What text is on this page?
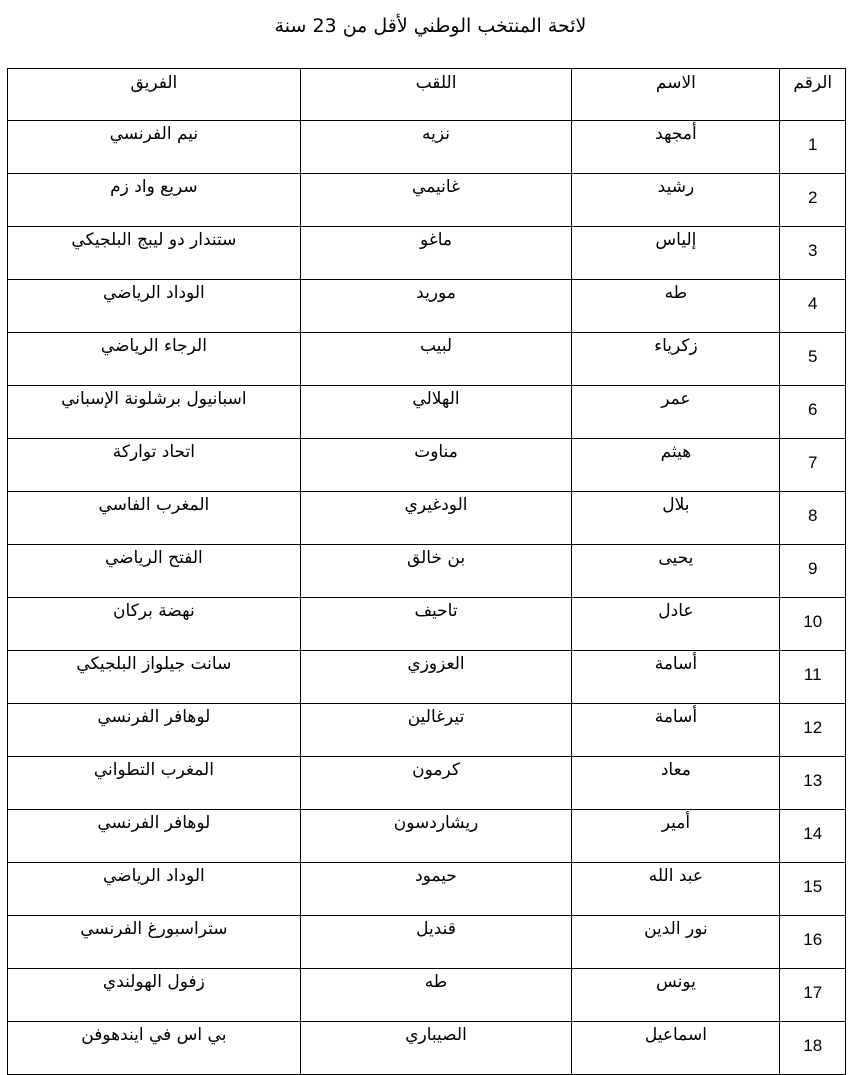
لائحة المنتخب الوطني لأقل من 23 سنة
الرقم	الاسم	اللقب	الفريق
1	أمجهد	نزيه	نيم الفرنسي
2	رشيد	غانيمي	سريع واد زم
3	إلياس	ماغو	ستندار دو ليبج البلجيكي
4	طه	موريد	الوداد الرياضي
5	زكرياء	لبيب	الرجاء الرياضي
6	عمر	الهلالي	اسبانيول برشلونة الإسباني
7	هيثم	مناوت	اتحاد تواركة
8	بلال	الودغيري	المغرب الفاسي
9	يحيى	بن خالق	الفتح الرياضي
10	عادل	تاحيف	نهضة بركان
11	أسامة	العزوزي	سانت جيلواز البلجيكي
12	أسامة	تيرغالين	لوهافر الفرنسي
13	معاد	كرمون	المغرب التطواني
14	أمير	ريشاردسون	لوهافر الفرنسي
15	عبد الله	حيمود	الوداد الرياضي
16	نور الدين	قنديل	ستراسبورغ الفرنسي
17	يونس	طه	زفول الهولندي
18	اسماعيل	الصيباري	بي اس في ايندهوفن
